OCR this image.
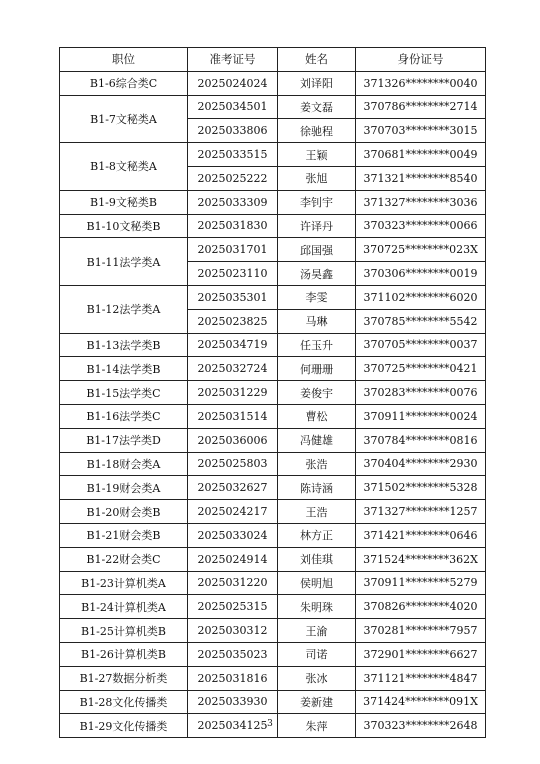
职位	准考证号	姓名	身份证号
B1-6综合类C	2025024024	刘译阳	371326********0040
B1-7文秘类A	2025034501	姜文磊	370786********2714
	2025033806	徐驰程	370703********3015
B1-8文秘类A	2025033515	王颖	370681********0049
	2025025222	张旭	371321********8540
B1-9文秘类B	2025033309	李钊宇	371327********3036
B1-10文秘类B	2025031830	许译丹	370323********0066
B1-11法学类A	2025031701	邱国强	370725********023X
	2025023110	汤昊鑫	370306********0019
B1-12法学类A	2025035301	李雯	371102********6020
	2025023825	马琳	370785********5542
B1-13法学类B	2025034719	任玉升	370705********0037
B1-14法学类B	2025032724	何珊珊	370725********0421
B1-15法学类C	2025031229	姜俊宇	370283********0076
B1-16法学类C	2025031514	曹松	370911********0024
B1-17法学类D	2025036006	冯健雄	370784********0816
B1-18财会类A	2025025803	张浩	370404********2930
B1-19财会类A	2025032627	陈诗涵	371502********5328
B1-20财会类B	2025024217	王浩	371327********1257
B1-21财会类B	2025033024	林方正	371421********0646
B1-22财会类C	2025024914	刘佳琪	371524********362X
B1-23计算机类A	2025031220	侯明旭	370911********5279
B1-24计算机类A	2025025315	朱明珠	370826********4020
B1-25计算机类B	2025030312	王渝	370281********7957
B1-26计算机类B	2025035023	司诺	372901********6627
B1-27数据分析类	2025031816	张冰	371121********4847
B1-28文化传播类	2025033930	姜新建	371424********091X
B1-29文化传播类	2025034125	朱萍	370323********2648
3
